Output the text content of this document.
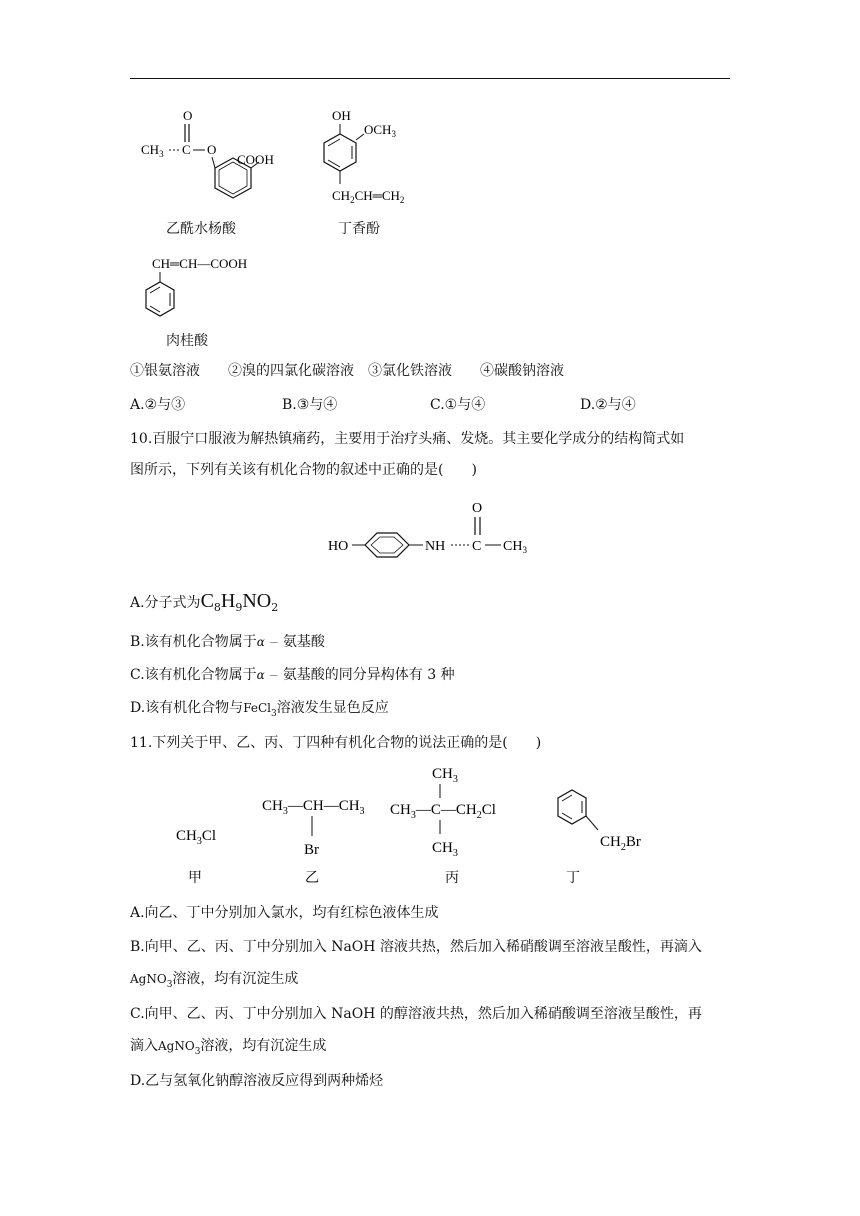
O
$CH_3$ C O
COOH
乙酰水杨酸
OH
$OCH_3$
$CH_2CH═CH_2$
丁香酚
CH═CH—COOH
肉桂酸
①银氨溶液　　②溴的四氯化碳溶液　③氯化铁溶液　　④碳酸钠溶液
A.②与③	B.③与④	C.①与④	D.②与④
10.百服宁口服液为解热镇痛药，主要用于治疗头痛、发烧。其主要化学成分的结构简式如
图所示，下列有关该有机化合物的叙述中正确的是(　　)
HO	NH C
O
$CH_3$
A.分子式为$C_8H_9NO_2$
B.该有机化合物属于α － 氨基酸
C.该有机化合物属于α － 氨基酸的同分异构体有 3 种
D.该有机化合物与FeCl$_3$溶液发生显色反应
11.下列关于甲、乙、丙、丁四种有机化合物的说法正确的是(　　)
$CH_3Cl$
甲
$CH_3—CH—CH_3$
Br
乙
$CH_3$
$CH_3—C—CH_2Cl$
$CH_3$
丙
$CH_2Br$
丁
A.向乙、丁中分别加入氯水，均有红棕色液体生成
B.向甲、乙、丙、丁中分别加入 NaOH 溶液共热，然后加入稀硝酸调至溶液呈酸性，再滴入
AgNO$_3$溶液，均有沉淀生成
C.向甲、乙、丙、丁中分别加入 NaOH 的醇溶液共热，然后加入稀硝酸调至溶液呈酸性，再
滴入AgNO$_3$溶液，均有沉淀生成
D.乙与氢氧化钠醇溶液反应得到两种烯烃
